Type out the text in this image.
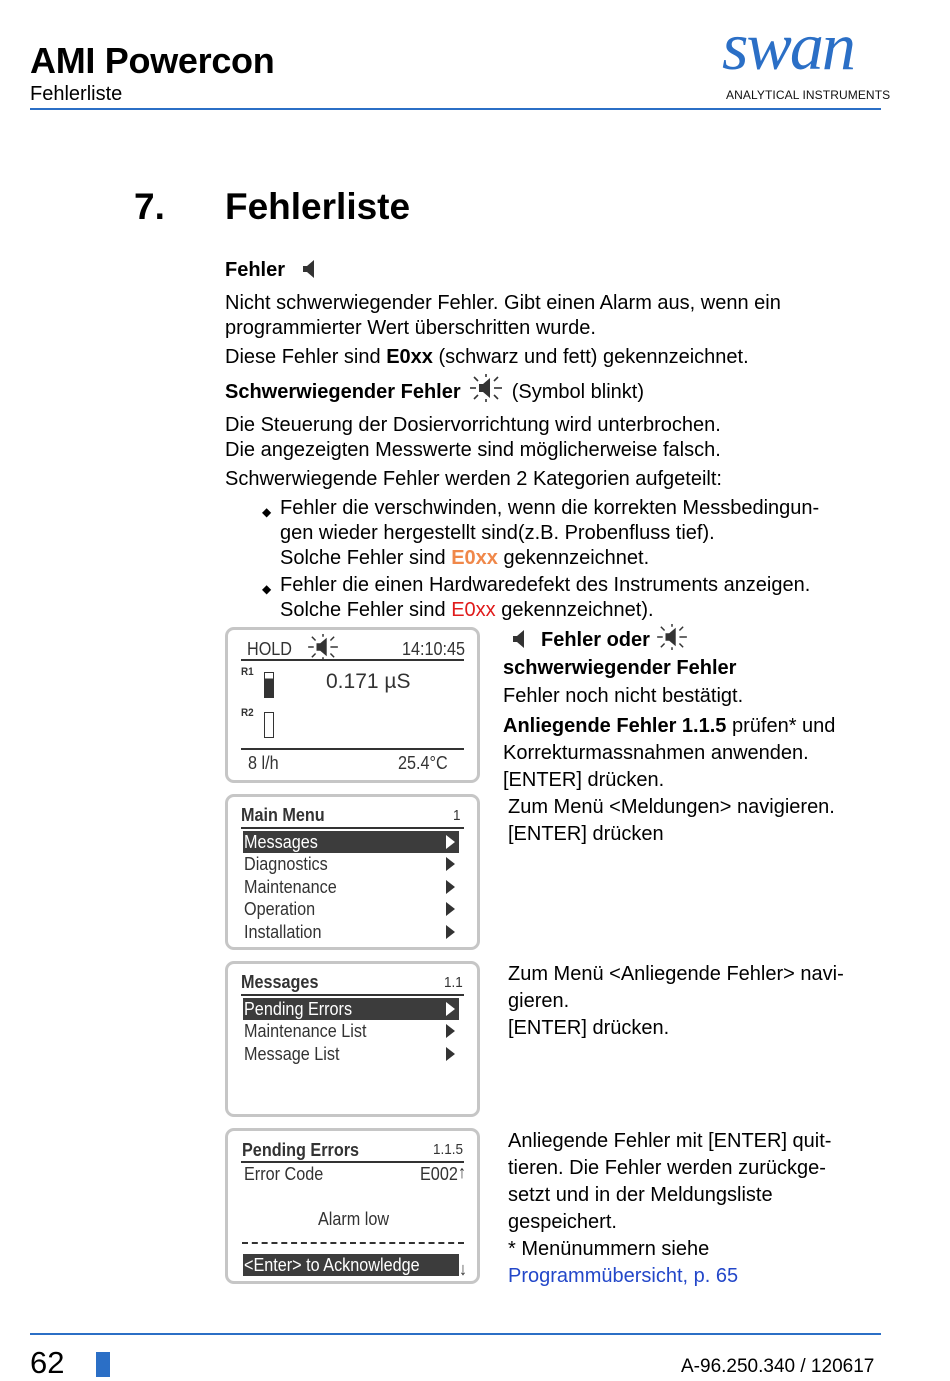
AMI Powercon
Fehlerliste
swan
ANALYTICAL INSTRUMENTS
7. Fehlerliste

Fehler

Nicht schwerwiegender Fehler. Gibt einen Alarm aus, wenn ein programmierter Wert überschritten wurde.

Diese Fehler sind E0xx (schwarz und fett) gekennzeichnet.

Schwerwiegender Fehler	(Symbol blinkt)

Die Steuerung der Dosiervorrichtung wird unterbrochen.
Die angezeigten Messwerte sind möglicherweise falsch.

Schwerwiegende Fehler werden 2 Kategorien aufgeteilt:

◆ Fehler die verschwinden, wenn die korrekten Messbedingun-
gen wieder hergestellt sind(z.B. Probenfluss tief).
Solche Fehler sind E0xx gekennzeichnet.
◆ Fehler die einen Hardwaredefekt des Instruments anzeigen.
Solche Fehler sind E0xx gekennzeichnet).
HOLD	14:10:45
R1
R2
0.171 µS
8 l/h	25.4°C
Main Menu	1
Messages
Diagnostics
Maintenance
Operation
Installation
Messages	1.1
Pending Errors
Maintenance List
Message List
Pending Errors	1.1.5
Error Code	E002 ↑
Alarm low
<Enter> to Acknowledge ↓
Fehler oder
schwerwiegender Fehler
Fehler noch nicht bestätigt.
Anliegende Fehler 1.1.5 prüfen* und
Korrekturmassnahmen anwenden.
[ENTER] drücken.
Zum Menü <Meldungen> navigieren.
[ENTER] drücken
Zum Menü <Anliegende Fehler> navi-
gieren.
[ENTER] drücken.
Anliegende Fehler mit [ENTER] quit-
tieren. Die Fehler werden zurückge-
setzt und in der Meldungsliste
gespeichert.
* Menünummern siehe
Programmübersicht, p. 65
62	A-96.250.340 / 120617
